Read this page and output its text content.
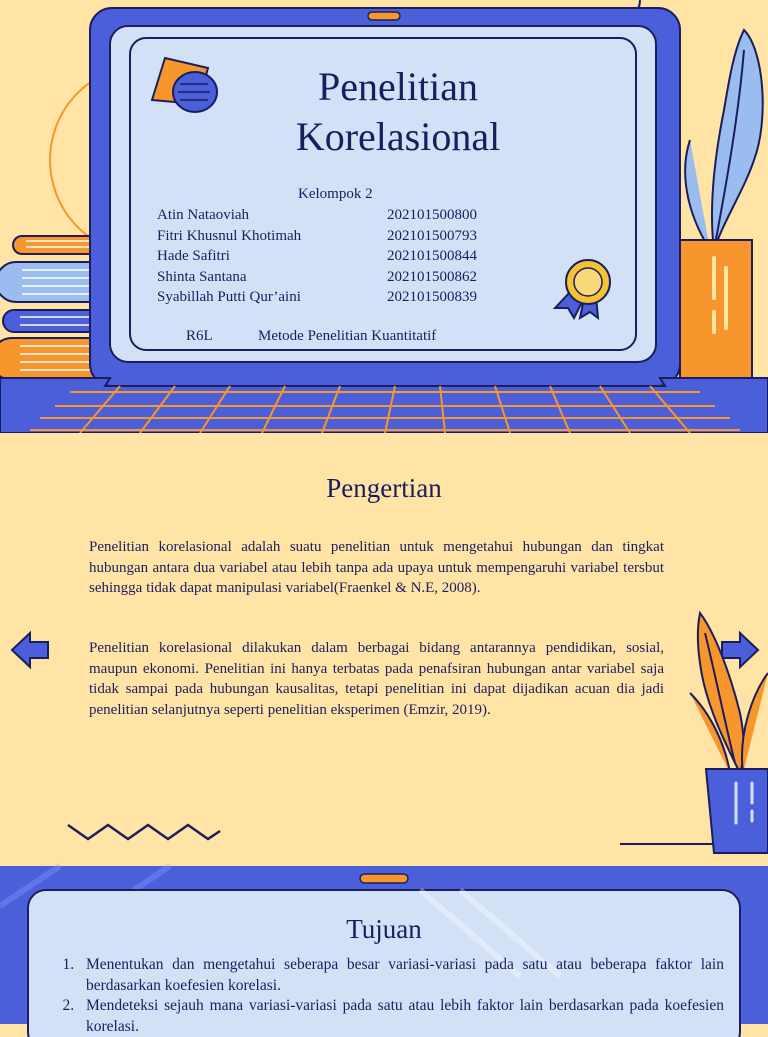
Penelitian
Korelasional
Kelompok 2
Atin Nataoviah	202101500800
Fitri Khusnul Khotimah	202101500793
Hade Safitri	202101500844
Shinta Santana	202101500862
Syabillah Putti Qur’aini	202101500839
R6L	Metode Penelitian Kuantitatif
Pengertian
Penelitian korelasional adalah suatu penelitian untuk mengetahui hubungan dan tingkat hubungan antara dua variabel atau lebih tanpa ada upaya untuk mempengaruhi variabel tersbut sehingga tidak dapat manipulasi variabel(Fraenkel & N.E, 2008).
Penelitian korelasional dilakukan dalam berbagai bidang antarannya pendidikan, sosial, maupun ekonomi. Penelitian ini hanya terbatas pada penafsiran hubungan antar variabel saja tidak sampai pada hubungan kausalitas, tetapi penelitian ini dapat dijadikan acuan dia jadi penelitian selanjutnya seperti penelitian eksperimen (Emzir, 2019).
Tujuan
1. Menentukan dan mengetahui seberapa besar variasi-variasi pada satu atau beberapa faktor lain berdasarkan koefesien korelasi.
2. Mendeteksi sejauh mana variasi-variasi pada satu atau lebih faktor lain berdasarkan pada koefesien korelasi.
